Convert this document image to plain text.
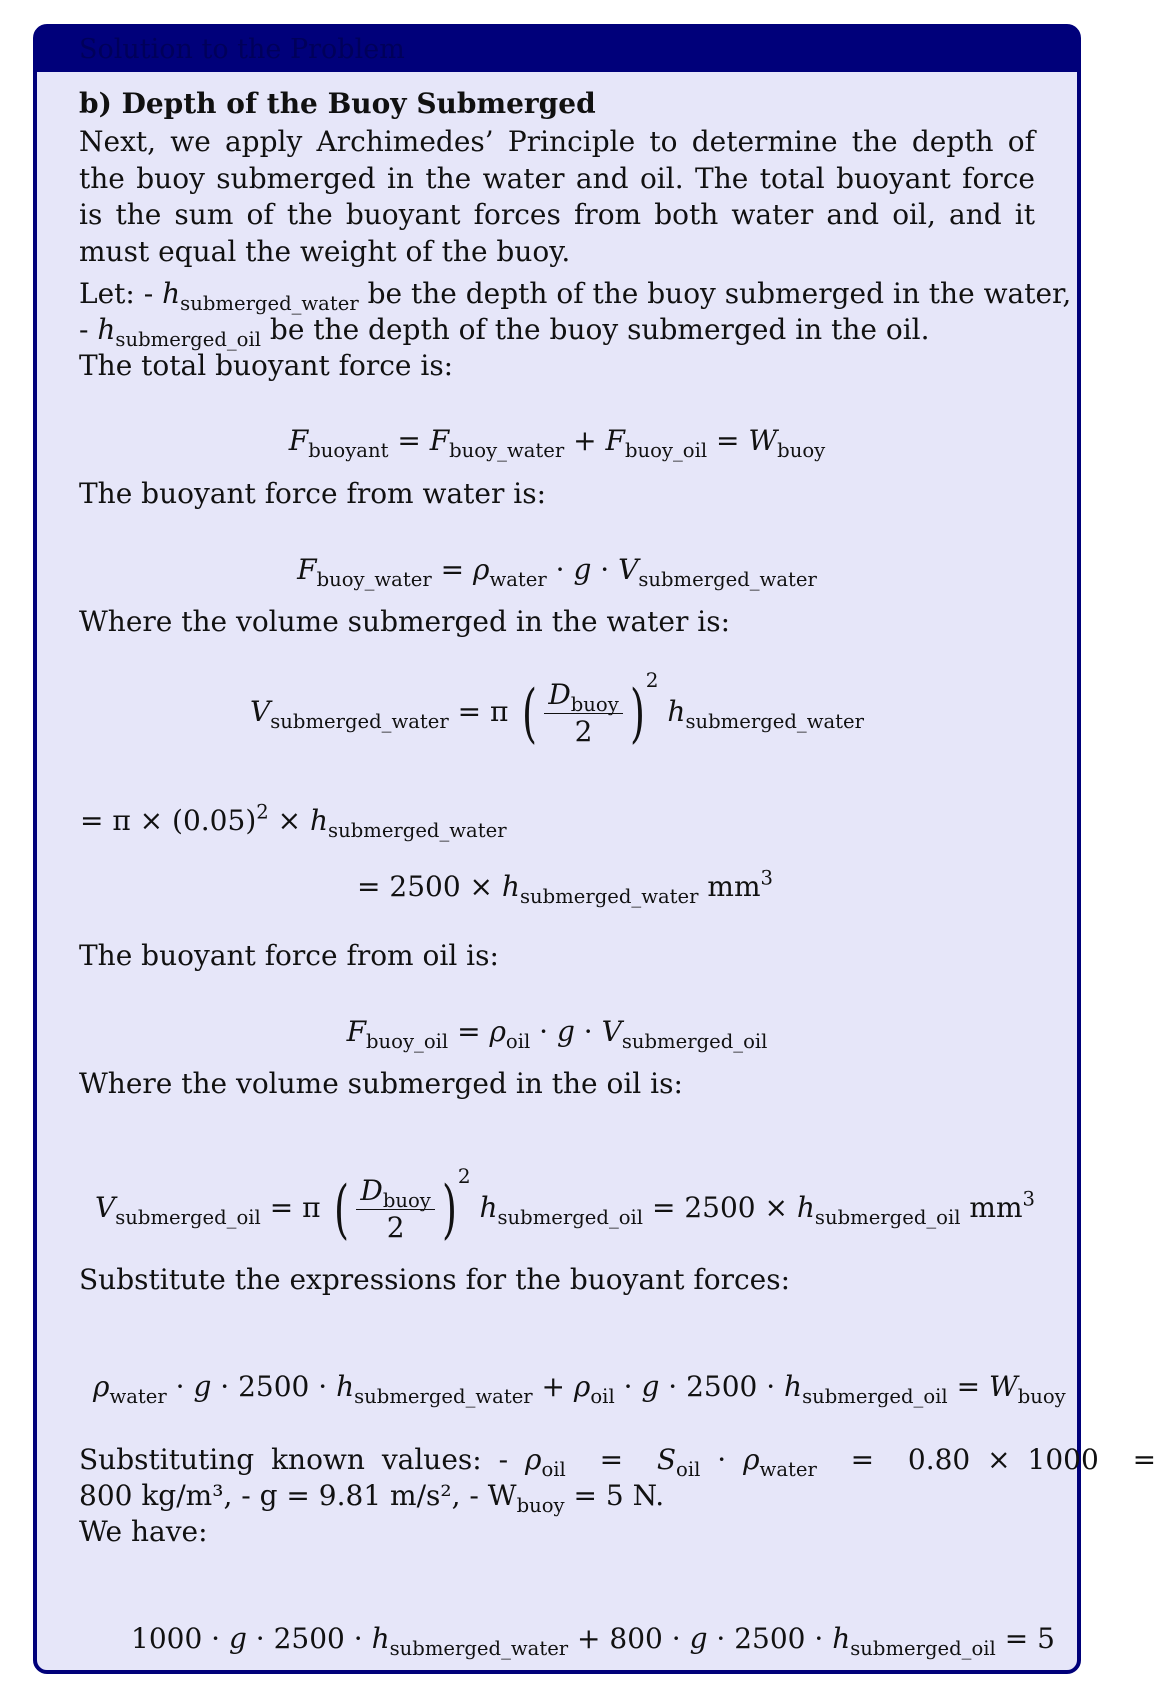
Solution to the Problem

b) Depth of the Buoy Submerged

Next, we apply Archimedes’ Principle to determine the depth of the buoy submerged in the water and oil. The total buoyant force is the sum of the buoyant forces from both water and oil, and it must equal the weight of the buoy.

Let: - $h_{submerged\_water}$ be the depth of the buoy submerged in the water,
- $h_{submerged\_oil}$ be the depth of the buoy submerged in the oil.
The total buoyant force is:
$F_{buoyant} = F_{buoy\_water} + F_{buoy\_oil} = W_{buoy}$
The buoyant force from water is:
$F_{buoy\_water} = \rho_{water} \cdot g \cdot V_{submerged\_water}$
Where the volume submerged in the water is:
$V_{submerged\_water} = \pi$ ( $\frac{D_{buoy}}{2} )^2$ $h_{submerged\_water}$
= $\pi \times (0.05)^2 \times h_{submerged\_water}$
= $2500 \times h_{submerged\_water}$ $mm^3$
The buoyant force from oil is:
$F_{buoy\_oil} = \rho_{oil} \cdot g \cdot V_{submerged\_oil}$
Where the volume submerged in the oil is:
$V_{submerged\_oil} = \pi$ ( $\frac{D_{buoy}}{2} )^2$ $h_{submerged\_oil} = 2500 \times h_{submerged\_oil}$ $mm^3$
Substitute the expressions for the buoyant forces:
$\rho_{water} \cdot g \cdot 2500 \cdot h_{submerged\_water} + \rho_{oil} \cdot g \cdot 2500 \cdot h_{submerged\_oil} = W_{buoy}$
Substituting known values: - $\rho_{oil} = S_{oil} \cdot \rho_{water} = 0.80 \times 1000$  =
800 kg/m³, - g = 9.81 m/s², - $W_{buoy} = 5$ N.
We have:
$1000 \cdot g \cdot 2500 \cdot h_{submerged\_water} + 800 \cdot g \cdot 2500 \cdot h_{submerged\_oil} = 5$
